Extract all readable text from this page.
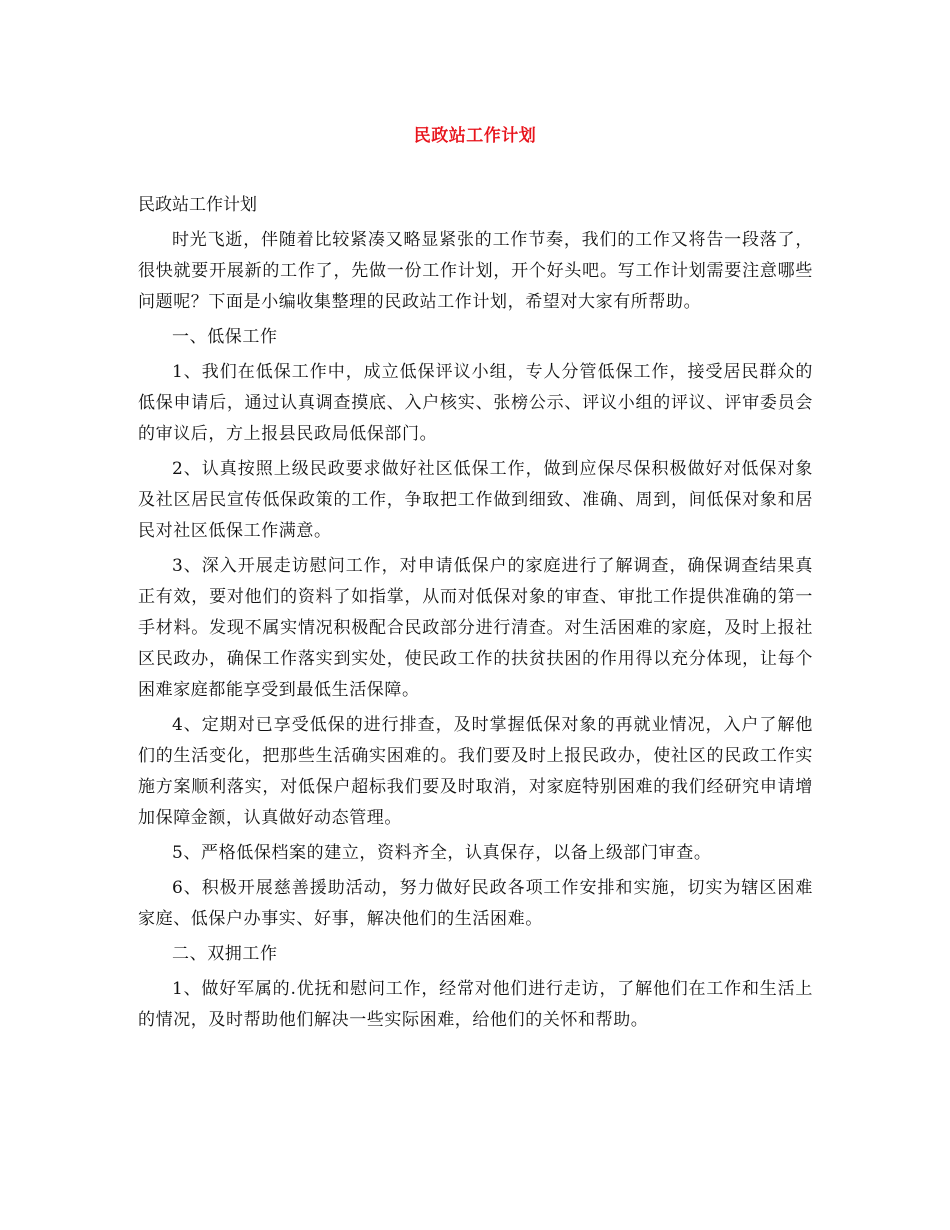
民政站工作计划
民政站工作计划

时光飞逝，伴随着比较紧凑又略显紧张的工作节奏，我们的工作又将告一段落了，很快就要开展新的工作了，先做一份工作计划，开个好头吧。写工作计划需要注意哪些问题呢？下面是小编收集整理的民政站工作计划，希望对大家有所帮助。

一、低保工作

1、我们在低保工作中，成立低保评议小组，专人分管低保工作，接受居民群众的低保申请后，通过认真调查摸底、入户核实、张榜公示、评议小组的评议、评审委员会的审议后，方上报县民政局低保部门。

2、认真按照上级民政要求做好社区低保工作，做到应保尽保积极做好对低保对象及社区居民宣传低保政策的工作，争取把工作做到细致、准确、周到，间低保对象和居民对社区低保工作满意。

3、深入开展走访慰问工作，对申请低保户的家庭进行了解调查，确保调查结果真正有效，要对他们的资料了如指掌，从而对低保对象的审查、审批工作提供准确的第一手材料。发现不属实情况积极配合民政部分进行清查。对生活困难的家庭，及时上报社区民政办，确保工作落实到实处，使民政工作的扶贫扶困的作用得以充分体现，让每个困难家庭都能享受到最低生活保障。

4、定期对已享受低保的进行排查，及时掌握低保对象的再就业情况，入户了解他们的生活变化，把那些生活确实困难的。我们要及时上报民政办，使社区的民政工作实施方案顺利落实，对低保户超标我们要及时取消，对家庭特别困难的我们经研究申请增加保障金额，认真做好动态管理。

5、严格低保档案的建立，资料齐全，认真保存，以备上级部门审查。

6、积极开展慈善援助活动，努力做好民政各项工作安排和实施，切实为辖区困难家庭、低保户办事实、好事，解决他们的生活困难。

二、双拥工作

1、做好军属的.优抚和慰问工作，经常对他们进行走访，了解他们在工作和生活上的情况，及时帮助他们解决一些实际困难，给他们的关怀和帮助。
